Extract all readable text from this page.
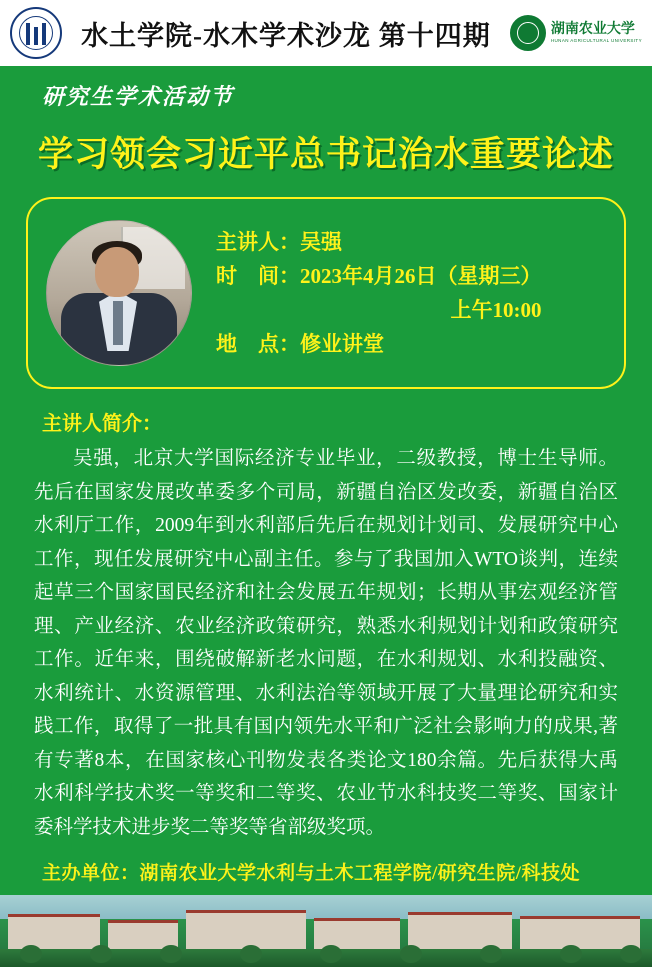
水土学院-水木学术沙龙 第十四期	湖南农业大学
HUNAN AGRICULTURAL UNIVERSITY
研究生学术活动节
学习领会习近平总书记治水重要论述
主讲人：吴强
时　间：2023年4月26日（星期三）
上午10:00
地　点：修业讲堂
主讲人简介：
吴强，北京大学国际经济专业毕业，二级教授，博士生导师。先后在国家发展改革委多个司局，新疆自治区发改委，新疆自治区水利厅工作，2009年到水利部后先后在规划计划司、发展研究中心工作，现任发展研究中心副主任。参与了我国加入WTO谈判，连续起草三个国家国民经济和社会发展五年规划；长期从事宏观经济管理、产业经济、农业经济政策研究，熟悉水利规划计划和政策研究工作。近年来，围绕破解新老水问题，在水利规划、水利投融资、水利统计、水资源管理、水利法治等领域开展了大量理论研究和实践工作，取得了一批具有国内领先水平和广泛社会影响力的成果,著有专著8本，在国家核心刊物发表各类论文180余篇。先后获得大禹水利科学技术奖一等奖和二等奖、农业节水科技奖二等奖、国家计委科学技术进步奖二等奖等省部级奖项。
主办单位：湖南农业大学水利与土木工程学院/研究生院/科技处
